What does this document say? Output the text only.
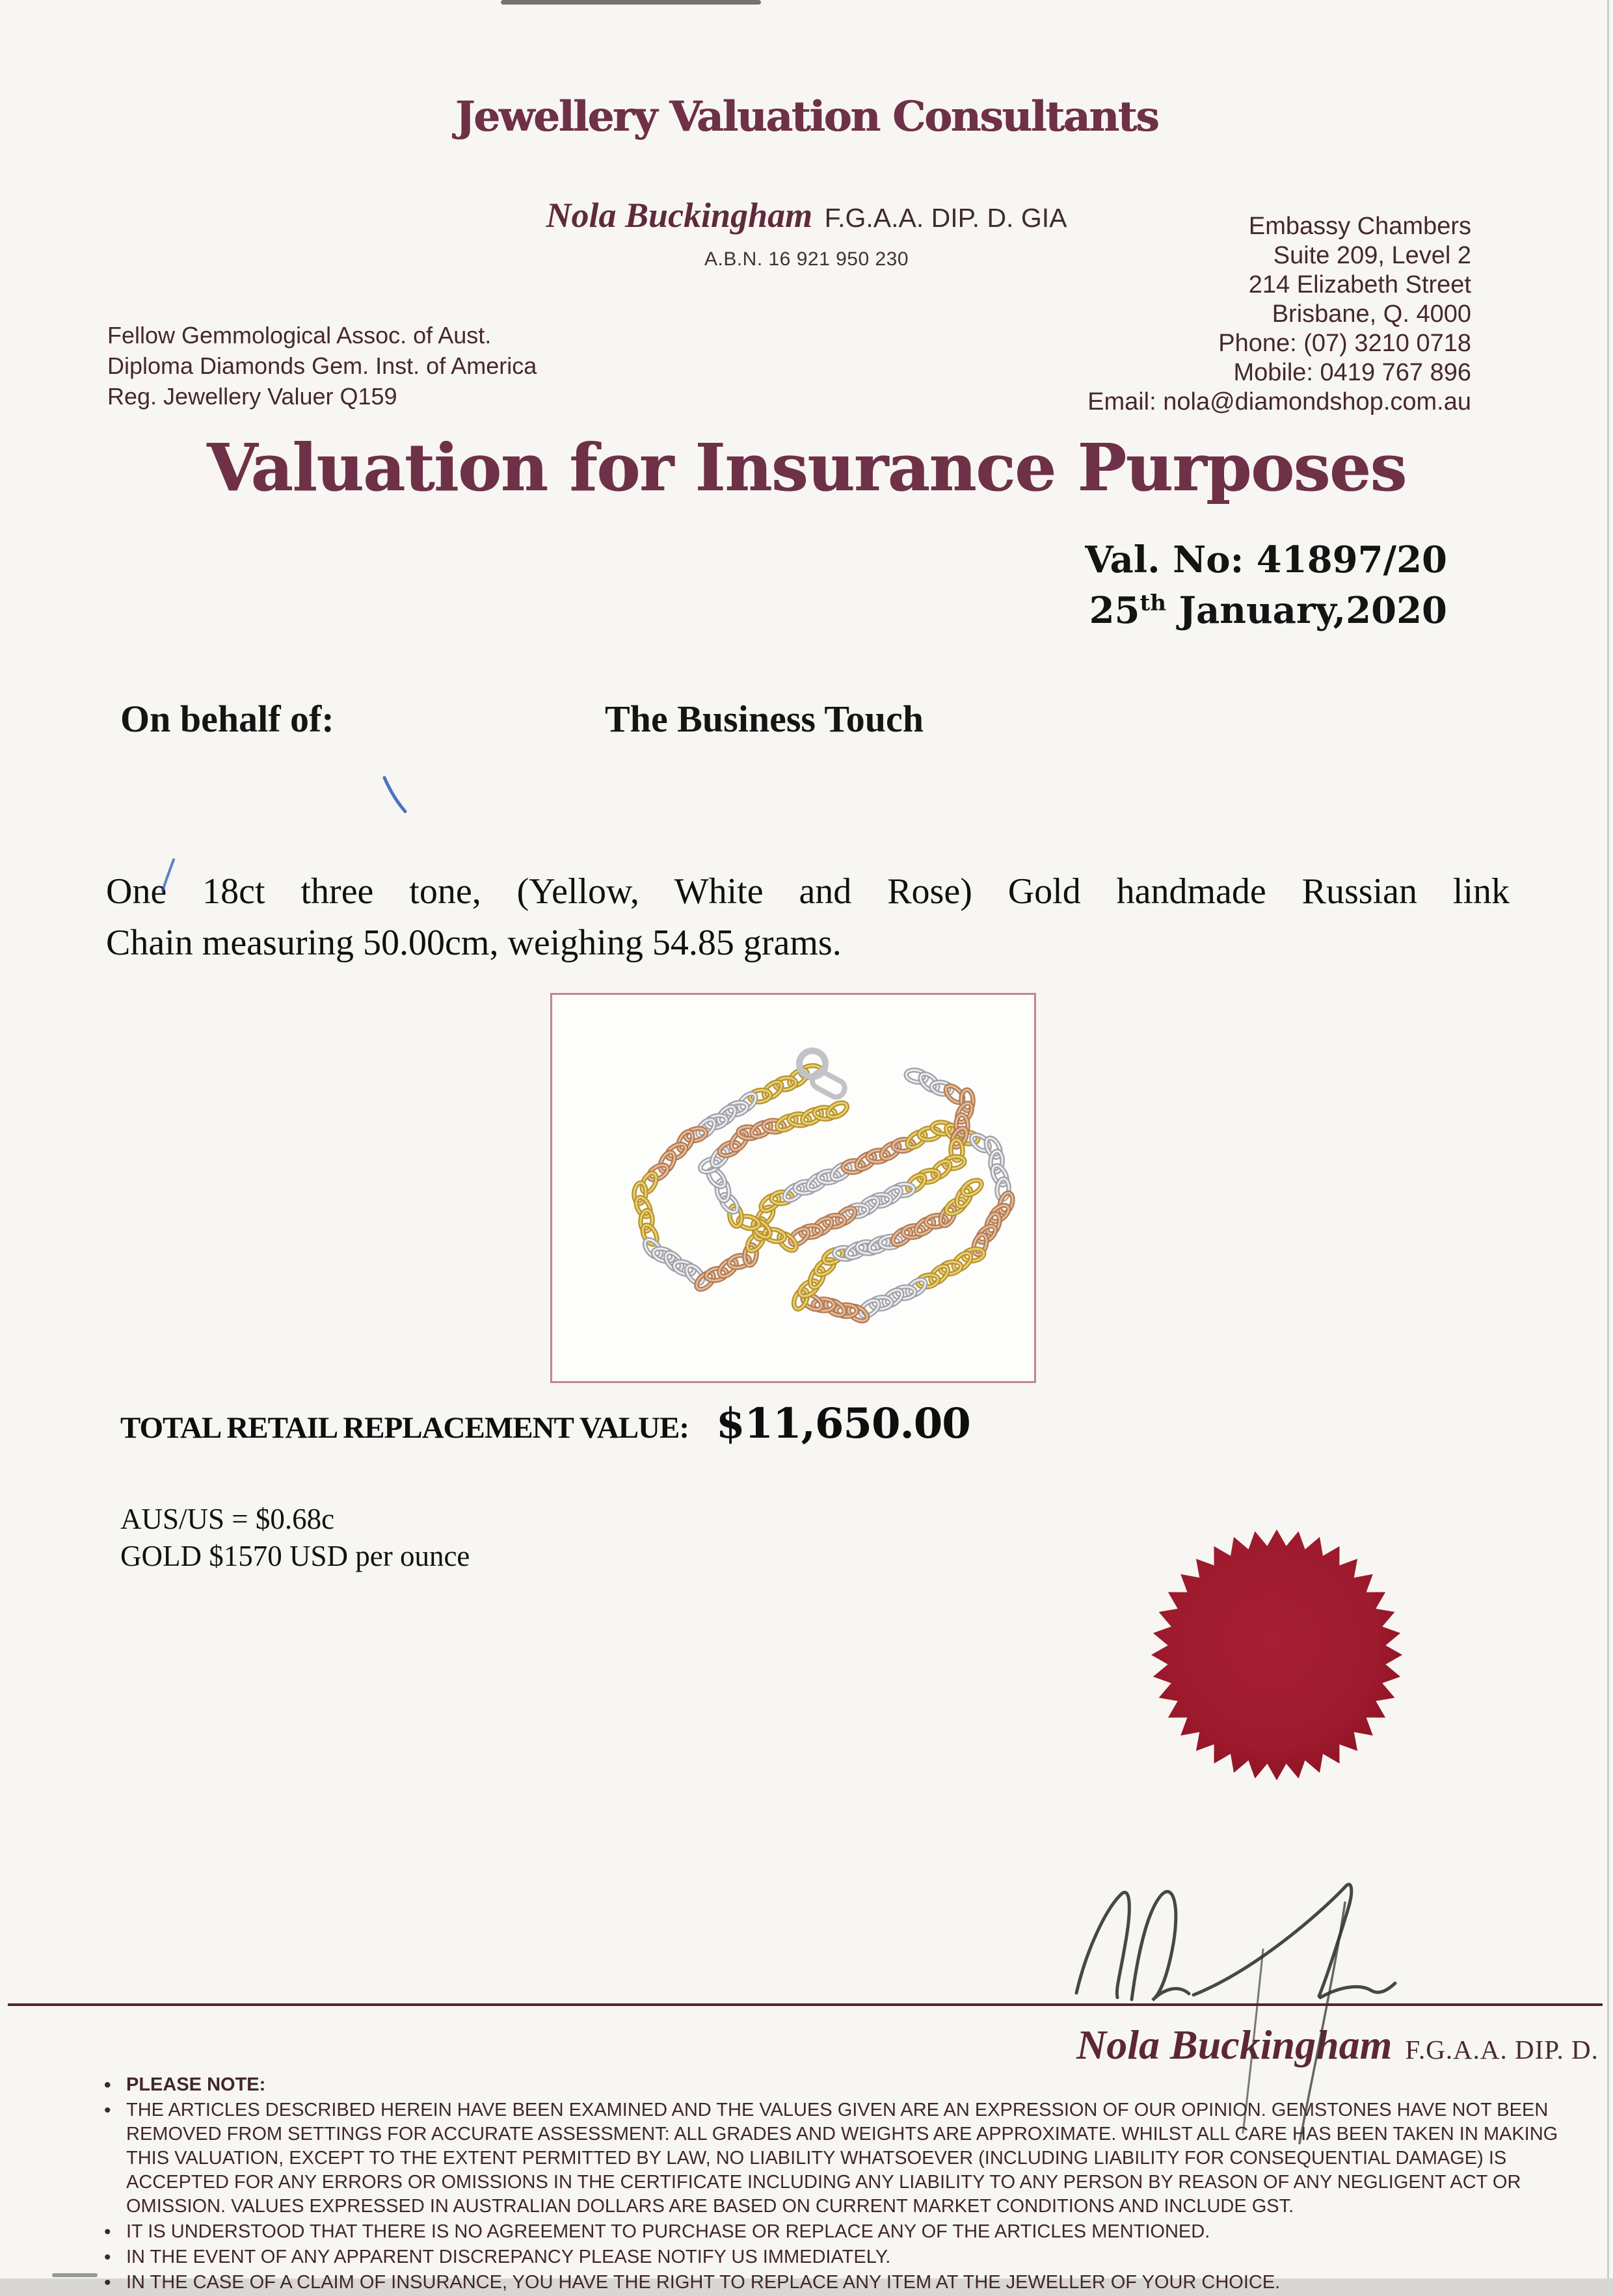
Jewellery Valuation Consultants
Nola Buckingham F.G.A.A. DIP. D. GIA
A.B.N. 16 921 950 230
Embassy Chambers
Suite 209, Level 2
214 Elizabeth Street
Brisbane, Q. 4000
Phone: (07) 3210 0718
Mobile: 0419 767 896
Email: nola@diamondshop.com.au
Fellow Gemmological Assoc. of Aust.
Diploma Diamonds Gem. Inst. of America
Reg. Jewellery Valuer Q159
Valuation for Insurance Purposes
Val. No: 41897/20
25th January,2020
On behalf of:	The Business Touch
One 18ct three tone, (Yellow, White and Rose) Gold handmade Russian link
Chain measuring 50.00cm, weighing 54.85 grams.
TOTAL RETAIL REPLACEMENT VALUE: $11,650.00
AUS/US = $0.68c
GOLD $1570 USD per ounce
Nola Buckingham F.G.A.A. DIP. D.
• PLEASE NOTE:
• THE ARTICLES DESCRIBED HEREIN HAVE BEEN EXAMINED AND THE VALUES GIVEN ARE AN EXPRESSION OF OUR OPINION. GEMSTONES HAVE NOT BEEN REMOVED FROM SETTINGS FOR ACCURATE ASSESSMENT: ALL GRADES AND WEIGHTS ARE APPROXIMATE. WHILST ALL CARE HAS BEEN TAKEN IN MAKING THIS VALUATION, EXCEPT TO THE EXTENT PERMITTED BY LAW, NO LIABILITY WHATSOEVER (INCLUDING LIABILITY FOR CONSEQUENTIAL DAMAGE) IS ACCEPTED FOR ANY ERRORS OR OMISSIONS IN THE CERTIFICATE INCLUDING ANY LIABILITY TO ANY PERSON BY REASON OF ANY NEGLIGENT ACT OR OMISSION. VALUES EXPRESSED IN AUSTRALIAN DOLLARS ARE BASED ON CURRENT MARKET CONDITIONS AND INCLUDE GST.
• IT IS UNDERSTOOD THAT THERE IS NO AGREEMENT TO PURCHASE OR REPLACE ANY OF THE ARTICLES MENTIONED.
• IN THE EVENT OF ANY APPARENT DISCREPANCY PLEASE NOTIFY US IMMEDIATELY.
• IN THE CASE OF A CLAIM OF INSURANCE, YOU HAVE THE RIGHT TO REPLACE ANY ITEM AT THE JEWELLER OF YOUR CHOICE.
